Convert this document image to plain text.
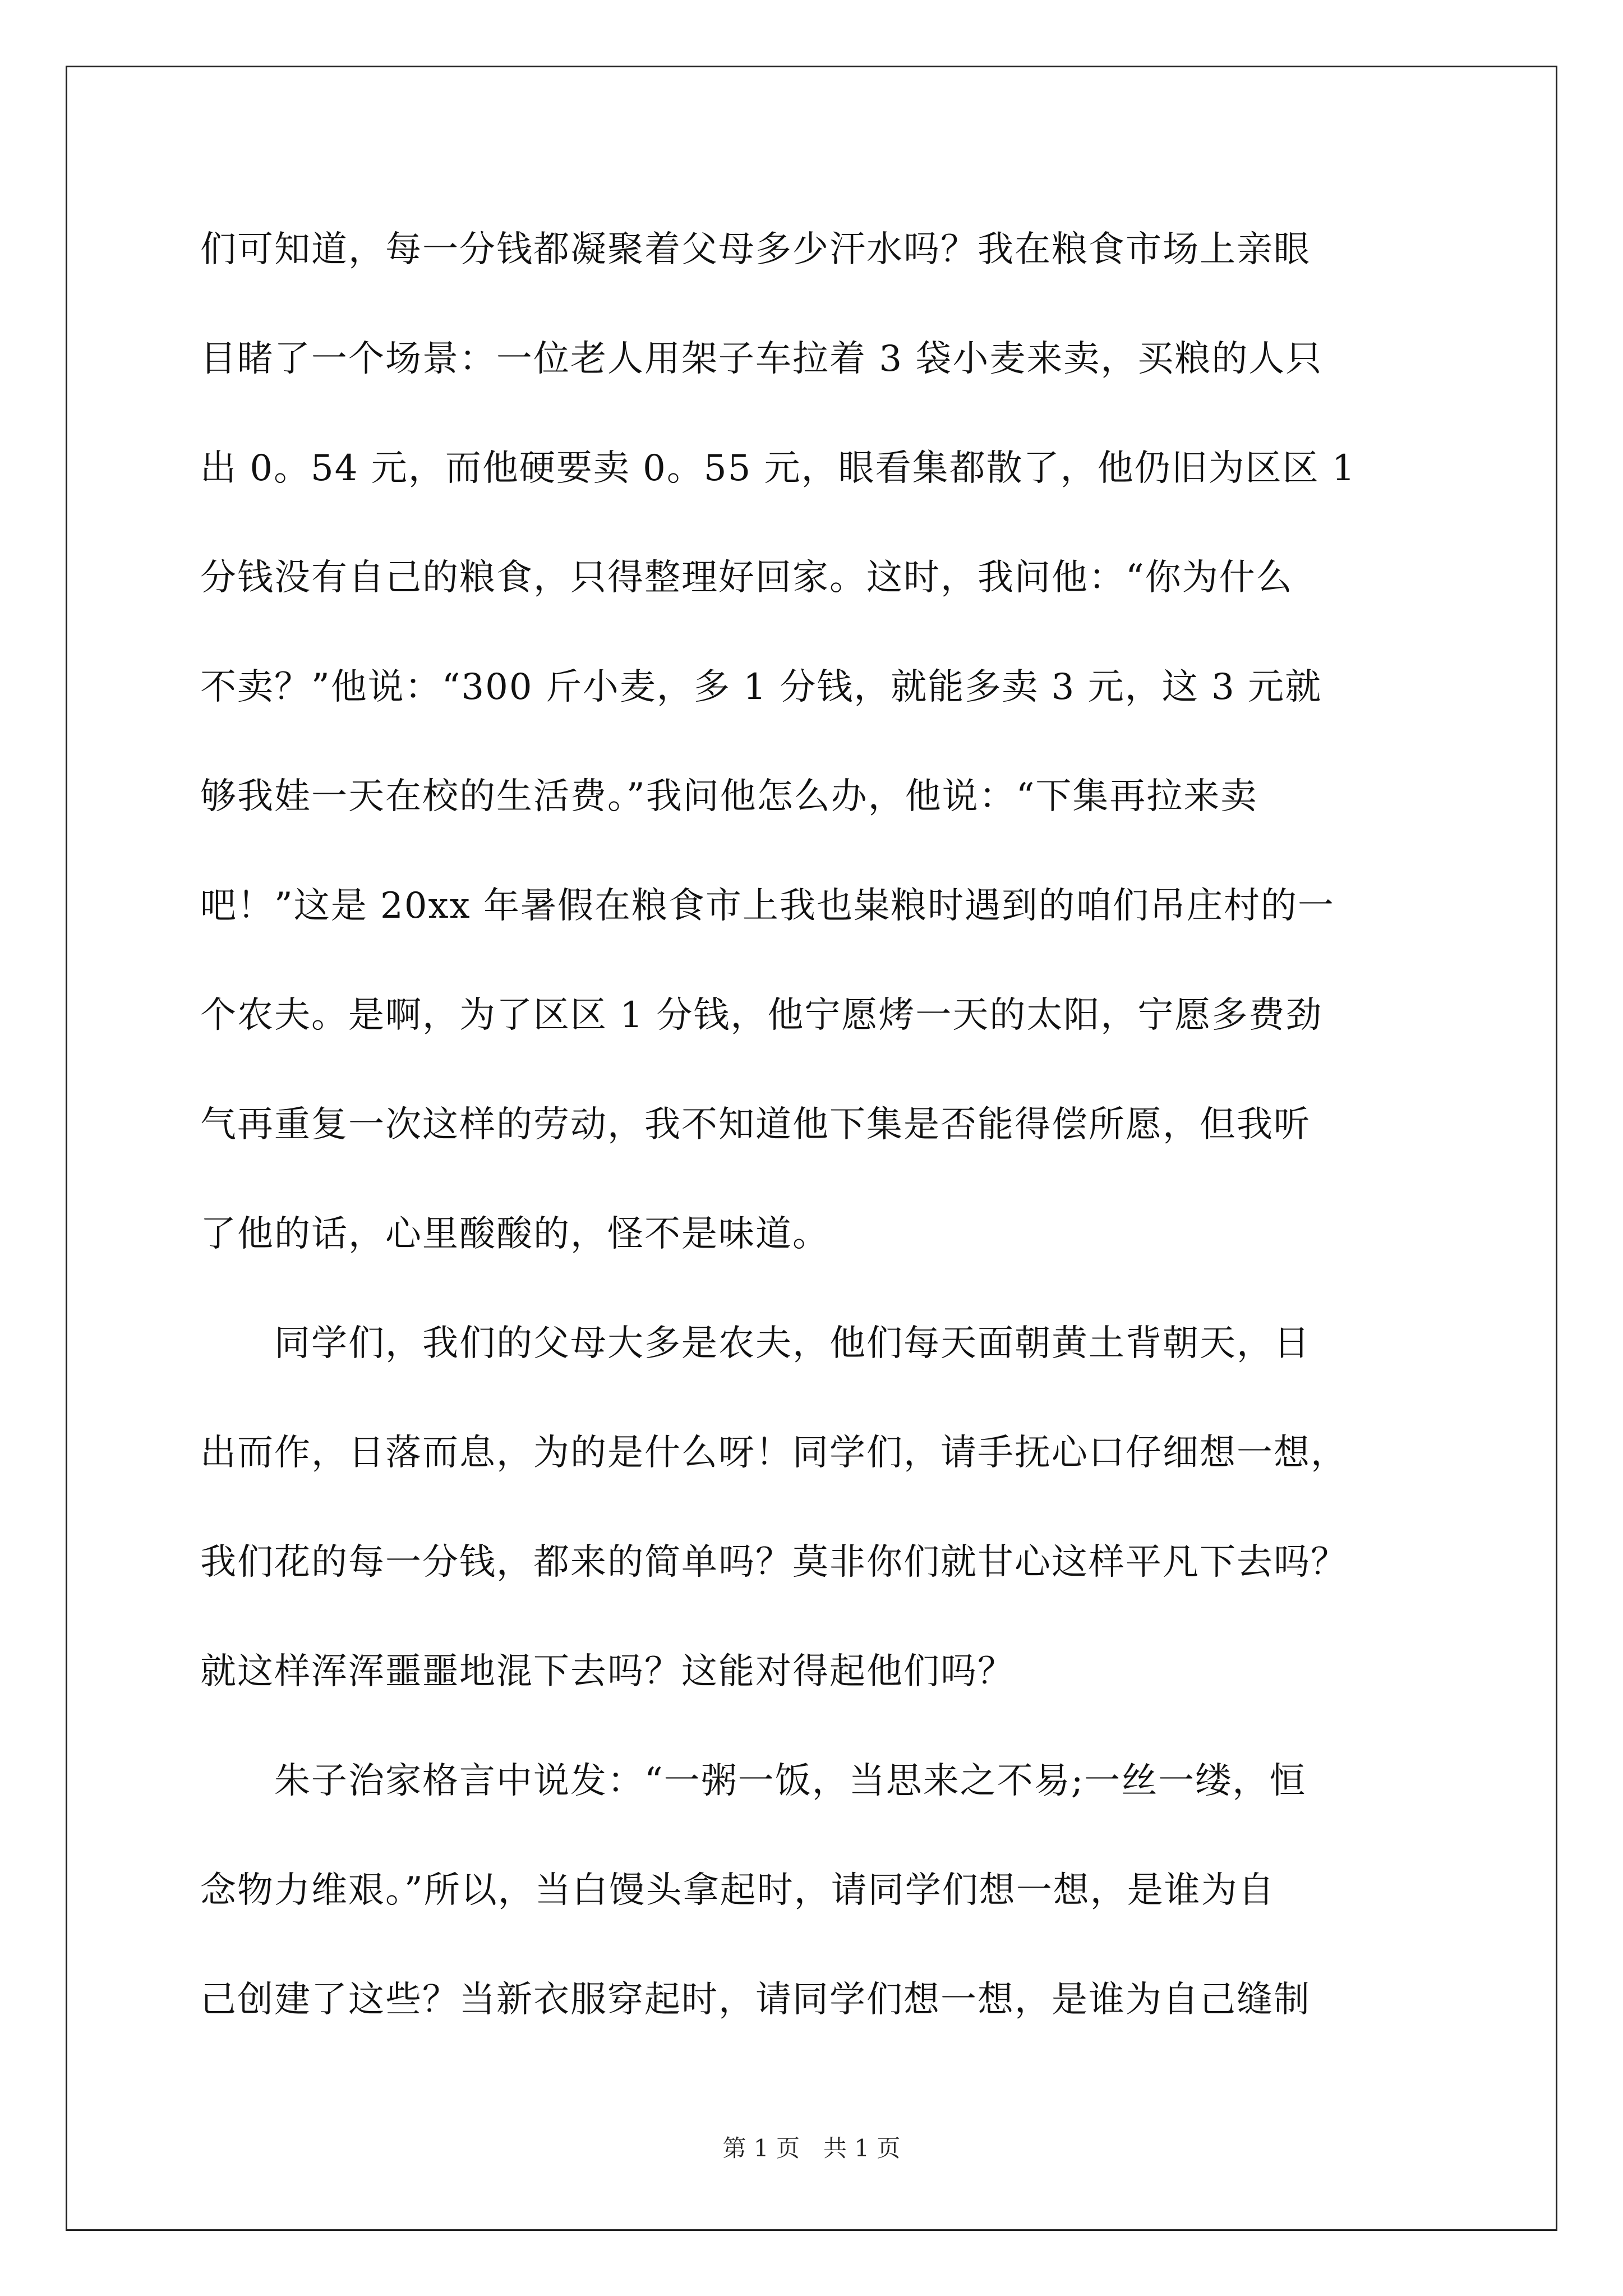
们可知道，每一分钱都凝聚着父母多少汗水吗？我在粮食市场上亲眼
目睹了一个场景：一位老人用架子车拉着 3 袋小麦来卖，买粮的人只
出 0。54 元，而他硬要卖 0。55 元，眼看集都散了，他仍旧为区区 1
分钱没有自己的粮食，只得整理好回家。这时，我问他：“你为什么
不卖？”他说：“300 斤小麦，多 1 分钱，就能多卖 3 元，这 3 元就
够我娃一天在校的生活费。”我问他怎么办，他说：“下集再拉来卖
吧！”这是 20xx 年暑假在粮食市上我也粜粮时遇到的咱们吊庄村的一
个农夫。是啊，为了区区 1 分钱，他宁愿烤一天的太阳，宁愿多费劲
气再重复一次这样的劳动，我不知道他下集是否能得偿所愿，但我听
了他的话，心里酸酸的，怪不是味道。
　　同学们，我们的父母大多是农夫，他们每天面朝黄土背朝天，日
出而作，日落而息，为的是什么呀！同学们，请手抚心口仔细想一想，
我们花的每一分钱，都来的简单吗？莫非你们就甘心这样平凡下去吗？
就这样浑浑噩噩地混下去吗？这能对得起他们吗？
　　朱子治家格言中说发：“一粥一饭，当思来之不易;一丝一缕，恒
念物力维艰。”所以，当白馒头拿起时，请同学们想一想，是谁为自
己创建了这些？当新衣服穿起时，请同学们想一想，是谁为自己缝制
第 1 页　共 1 页
